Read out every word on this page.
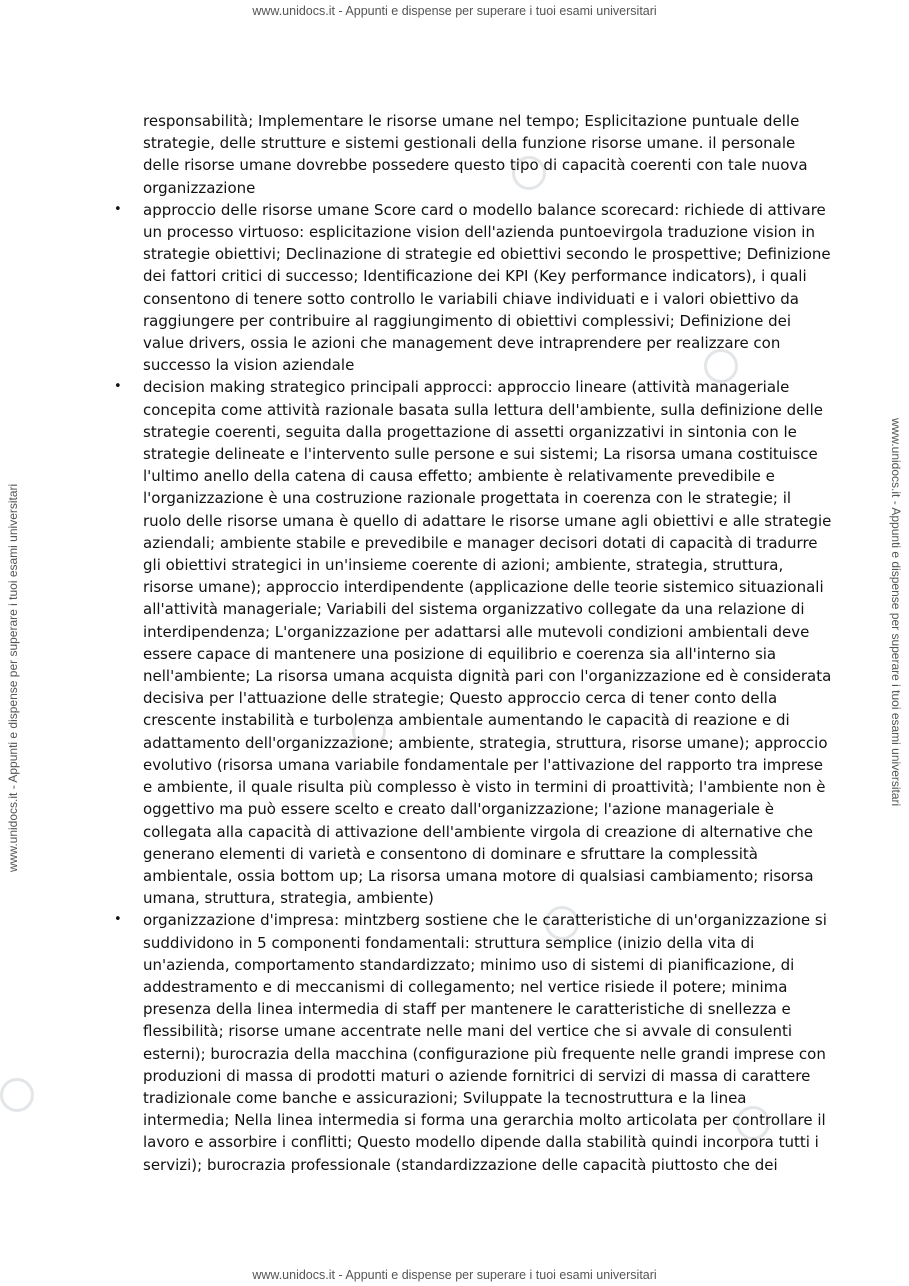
www.unidocs.it - Appunti e dispense per superare i tuoi esami universitari
www.unidocs.it - Appunti e dispense per superare i tuoi esami universitari	www.unidocs.it - Appunti e dispense per superare i tuoi esami universitari

responsabilità; Implementare le risorse umane nel tempo; Esplicitazione puntuale delle strategie, delle strutture e sistemi gestionali della funzione risorse umane. il personale delle risorse umane dovrebbe possedere questo tipo di capacità coerenti con tale nuova organizzazione

• approccio delle risorse umane Score card o modello balance scorecard: richiede di attivare un processo virtuoso: esplicitazione vision dell'azienda puntoevirgola traduzione vision in strategie obiettivi; Declinazione di strategie ed obiettivi secondo le prospettive; Definizione dei fattori critici di successo; Identificazione dei KPI (Key performance indicators), i quali consentono di tenere sotto controllo le variabili chiave individuati e i valori obiettivo da raggiungere per contribuire al raggiungimento di obiettivi complessivi; Definizione dei value drivers, ossia le azioni che management deve intraprendere per realizzare con successo la vision aziendale
• decision making strategico principali approcci: approccio lineare (attività manageriale concepita come attività razionale basata sulla lettura dell'ambiente, sulla definizione delle strategie coerenti, seguita dalla progettazione di assetti organizzativi in sintonia con le strategie delineate e l'intervento sulle persone e sui sistemi; La risorsa umana costituisce l'ultimo anello della catena di causa effetto; ambiente è relativamente prevedibile e l'organizzazione è una costruzione razionale progettata in coerenza con le strategie; il ruolo delle risorse umana è quello di adattare le risorse umane agli obiettivi e alle strategie aziendali; ambiente stabile e prevedibile e manager decisori dotati di capacità di tradurre gli obiettivi strategici in un'insieme coerente di azioni; ambiente, strategia, struttura, risorse umane); approccio interdipendente (applicazione delle teorie sistemico situazionali all'attività manageriale; Variabili del sistema organizzativo collegate da una relazione di interdipendenza; L'organizzazione per adattarsi alle mutevoli condizioni ambientali deve essere capace di mantenere una posizione di equilibrio e coerenza sia all'interno sia nell'ambiente; La risorsa umana acquista dignità pari con l'organizzazione ed è considerata decisiva per l'attuazione delle strategie; Questo approccio cerca di tener conto della crescente instabilità e turbolenza ambientale aumentando le capacità di reazione e di adattamento dell'organizzazione; ambiente, strategia, struttura, risorse umane); approccio evolutivo (risorsa umana variabile fondamentale per l'attivazione del rapporto tra imprese e ambiente, il quale risulta più complesso è visto in termini di proattività; l'ambiente non è oggettivo ma può essere scelto e creato dall'organizzazione; l'azione manageriale è collegata alla capacità di attivazione dell'ambiente virgola di creazione di alternative che generano elementi di varietà e consentono di dominare e sfruttare la complessità ambientale, ossia bottom up; La risorsa umana motore di qualsiasi cambiamento; risorsa umana, struttura, strategia, ambiente)
• organizzazione d'impresa: mintzberg sostiene che le caratteristiche di un'organizzazione si suddividono in 5 componenti fondamentali: struttura semplice (inizio della vita di un'azienda, comportamento standardizzato; minimo uso di sistemi di pianificazione, di addestramento e di meccanismi di collegamento; nel vertice risiede il potere; minima presenza della linea intermedia di staff per mantenere le caratteristiche di snellezza e flessibilità; risorse umane accentrate nelle mani del vertice che si avvale di consulenti esterni); burocrazia della macchina (configurazione più frequente nelle grandi imprese con produzioni di massa di prodotti maturi o aziende fornitrici di servizi di massa di carattere tradizionale come banche e assicurazioni; Sviluppate la tecnostruttura e la linea intermedia; Nella linea intermedia si forma una gerarchia molto articolata per controllare il lavoro e assorbire i conflitti; Questo modello dipende dalla stabilità quindi incorpora tutti i servizi); burocrazia professionale (standardizzazione delle capacità piuttosto che dei
www.unidocs.it - Appunti e dispense per superare i tuoi esami universitari
